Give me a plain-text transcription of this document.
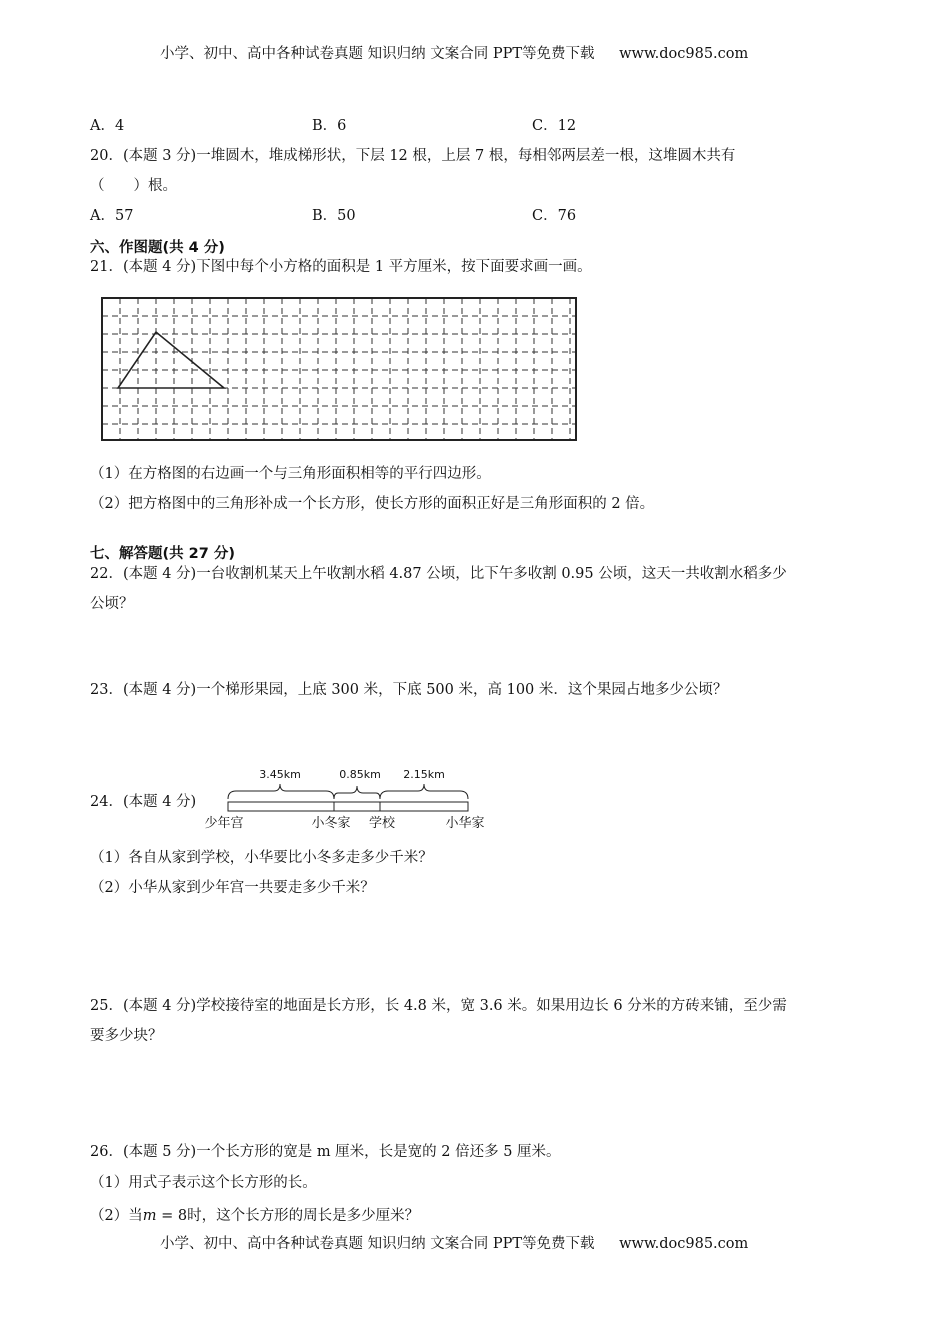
小学、初中、高中各种试卷真题 知识归纳 文案合同 PPT等免费下载 www.doc985.com
A．4	B．6	C．12
20．(本题 3 分)一堆圆木，堆成梯形状，下层 12 根，上层 7 根，每相邻两层差一根，这堆圆木共有
（　　）根。
A．57	B．50	C．76
六、作图题(共 4 分)
21．(本题 4 分)下图中每个小方格的面积是 1 平方厘米，按下面要求画一画。
（1）在方格图的右边画一个与三角形面积相等的平行四边形。
（2）把方格图中的三角形补成一个长方形，使长方形的面积正好是三角形面积的 2 倍。
七、解答题(共 27 分)
22．(本题 4 分)一台收割机某天上午收割水稻 4.87 公顷，比下午多收割 0.95 公顷，这天一共收割水稻多少
公顷？
23．(本题 4 分)一个梯形果园，上底 300 米，下底 500 米，高 100 米．这个果园占地多少公顷？
24．(本题 4 分)
3.45km	0.85km 2.15km
少年宫	小冬家 学校	小华家
（1）各自从家到学校，小华要比小冬多走多少千米？
（2）小华从家到少年宫一共要走多少千米？
25．(本题 4 分)学校接待室的地面是长方形，长 4.8 米，宽 3.6 米。如果用边长 6 分米的方砖来铺，至少需
要多少块？
26．(本题 5 分)一个长方形的宽是 m 厘米，长是宽的 2 倍还多 5 厘米。
（1）用式子表示这个长方形的长。
（2）当m = 8时，这个长方形的周长是多少厘米？
小学、初中、高中各种试卷真题 知识归纳 文案合同 PPT等免费下载 www.doc985.com
